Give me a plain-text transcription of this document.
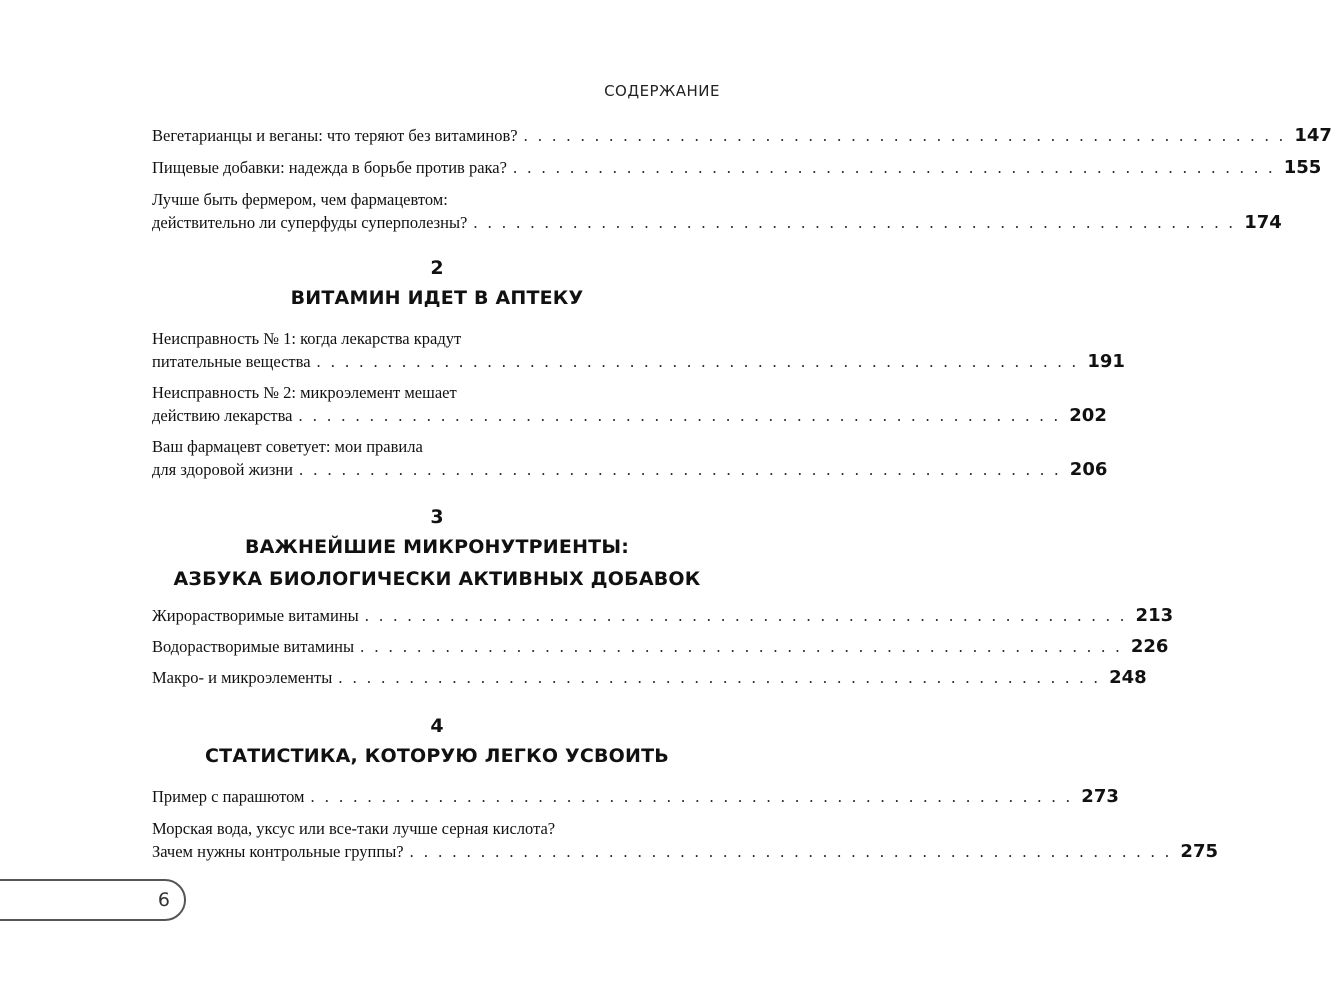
СОДЕРЖАНИЕ
Вегетарианцы и веганы: что теряют без витаминов? . . . . . . . . . . . . . . . . . . . . . . . . . . . . . . . . . . . . . . . . . . . . . . . . . . . . . . 147
Пищевые добавки: надежда в борьбе против рака? . . . . . . . . . . . . . . . . . . . . . . . . . . . . . . . . . . . . . . . . . . . . . . . . . . . . . . 155
Лучше быть фермером, чем фармацевтом:
действительно ли суперфуды суперполезны? . . . . . . . . . . . . . . . . . . . . . . . . . . . . . . . . . . . . . . . . . . . . . . . . . . . . . . 174
2
ВИТАМИН ИДЕТ В АПТЕКУ
Неисправность № 1: когда лекарства крадут
питательные вещества . . . . . . . . . . . . . . . . . . . . . . . . . . . . . . . . . . . . . . . . . . . . . . . . . . . . . . 191
Неисправность № 2: микроэлемент мешает
действию лекарства . . . . . . . . . . . . . . . . . . . . . . . . . . . . . . . . . . . . . . . . . . . . . . . . . . . . . . 202
Ваш фармацевт советует: мои правила
для здоровой жизни . . . . . . . . . . . . . . . . . . . . . . . . . . . . . . . . . . . . . . . . . . . . . . . . . . . . . . 206
3
ВАЖНЕЙШИЕ МИКРОНУТРИЕНТЫ:
АЗБУКА БИОЛОГИЧЕСКИ АКТИВНЫХ ДОБАВОК
Жирорастворимые витамины . . . . . . . . . . . . . . . . . . . . . . . . . . . . . . . . . . . . . . . . . . . . . . . . . . . . . . 213
Водорастворимые витамины . . . . . . . . . . . . . . . . . . . . . . . . . . . . . . . . . . . . . . . . . . . . . . . . . . . . . . 226
Макро- и микроэлементы . . . . . . . . . . . . . . . . . . . . . . . . . . . . . . . . . . . . . . . . . . . . . . . . . . . . . . 248
4
СТАТИСТИКА, КОТОРУЮ ЛЕГКО УСВОИТЬ
Пример с парашютом . . . . . . . . . . . . . . . . . . . . . . . . . . . . . . . . . . . . . . . . . . . . . . . . . . . . . . 273
Морская вода, уксус или все-таки лучше серная кислота?
Зачем нужны контрольные группы? . . . . . . . . . . . . . . . . . . . . . . . . . . . . . . . . . . . . . . . . . . . . . . . . . . . . . . 275
6
